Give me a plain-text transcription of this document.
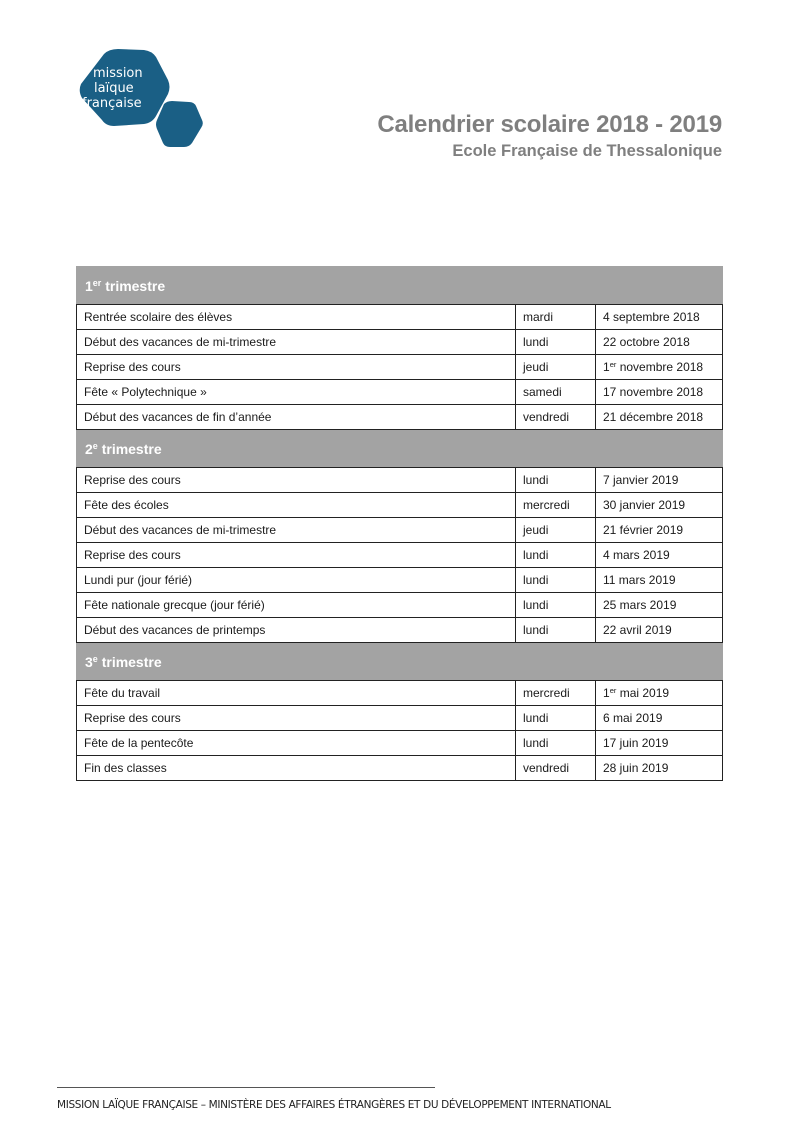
mission
laïque
française
Calendrier scolaire 2018 - 2019
Ecole Française de Thessalonique
1er trimestre		
Rentrée scolaire des élèves	mardi	4 septembre 2018
Début des vacances de mi-trimestre	lundi	22 octobre 2018
Reprise des cours	jeudi	1er novembre 2018
Fête « Polytechnique »	samedi	17 novembre 2018
Début des vacances de fin d’année	vendredi	21 décembre 2018
2e trimestre		
Reprise des cours	lundi	7 janvier 2019
Fête des écoles	mercredi	30 janvier 2019
Début des vacances de mi-trimestre	jeudi	21 février 2019
Reprise des cours	lundi	4 mars 2019
Lundi pur (jour férié)	lundi	11 mars 2019
Fête nationale grecque (jour férié)	lundi	25 mars 2019
Début des vacances de printemps	lundi	22 avril 2019
3e trimestre		
Fête du travail	mercredi	1er mai 2019
Reprise des cours	lundi	6 mai 2019
Fête de la pentecôte	lundi	17 juin 2019
Fin des classes	vendredi	28 juin 2019
MISSION LAÏQUE FRANÇAISE – MINISTÈRE DES AFFAIRES ÉTRANGÈRES ET DU DÉVELOPPEMENT INTERNATIONAL
